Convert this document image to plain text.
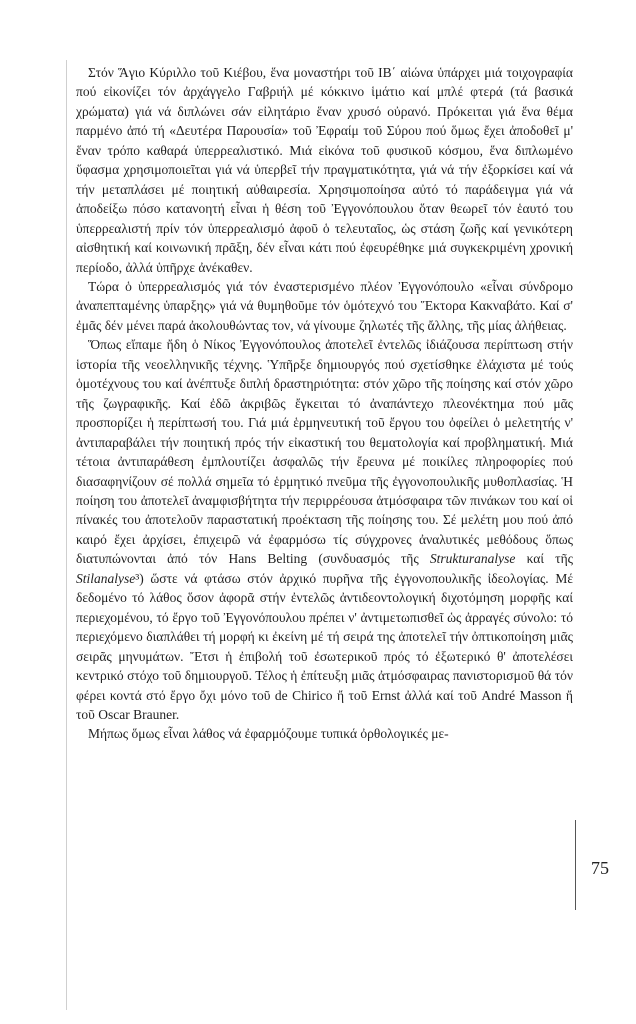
Στόν Ἅγιο Κύριλλο τοῦ Κιέβου, ἕνα μοναστήρι τοῦ ΙΒ΄ αἰώνα ὑπάρχει μιά τοιχογραφία πού εἰκονίζει τόν ἀρχάγγελο Γαβριήλ μέ κόκκινο ἱμάτιο καί μπλέ φτερά (τά βασικά χρώματα) γιά νά διπλώνει σάν εἰλητάριο ἕναν χρυσό οὐρανό. Πρόκειται γιά ἕνα θέμα παρμένο ἀπό τή «Δευτέρα Παρουσία» τοῦ Ἐφραίμ τοῦ Σύρου πού ὅμως ἔχει ἀποδοθεῖ μ' ἕναν τρόπο καθαρά ὑπερρεαλιστικό. Μιά εἰκόνα τοῦ φυσικοῦ κόσμου, ἕνα διπλωμένο ὕφασμα χρησιμοποιεῖται γιά νά ὑπερβεῖ τήν πραγματικότητα, γιά νά τήν ἐξορκίσει καί νά τήν μεταπλάσει μέ ποιητική αὐθαιρεσία. Χρησιμοποίησα αὐτό τό παράδειγμα γιά νά ἀποδείξω πόσο κατανοητή εἶναι ἡ θέση τοῦ Ἐγγονόπουλου ὅταν θεωρεῖ τόν ἑαυτό του ὑπερρεαλιστή πρίν τόν ὑπερρεαλισμό ἀφοῦ ὁ τελευταῖος, ὡς στάση ζωῆς καί γενικότερη αἰσθητική καί κοινωνική πρᾶξη, δέν εἶναι κάτι πού ἐφευρέθηκε μιά συγκεκριμένη χρονική περίοδο, ἀλλά ὑπῆρχε ἀνέκαθεν.

Τώρα ὁ ὑπερρεαλισμός γιά τόν ἐναστερισμένο πλέον Ἐγγονόπουλο «εἶναι σύνδρομο ἀναπεπταμένης ὑπαρξης» γιά νά θυμηθοῦμε τόν ὁμότεχνό του Ἕκτορα Κακναβάτο. Καί σ' ἐμᾶς δέν μένει παρά ἀκολουθώντας τον, νά γίνουμε ζηλωτές τῆς ἄλλης, τῆς μίας ἀλήθειας.

Ὅπως εἴπαμε ἤδη ὁ Νίκος Ἐγγονόπουλος ἀποτελεῖ ἐντελῶς ἰδιάζουσα περίπτωση στήν ἱστορία τῆς νεοελληνικῆς τέχνης. Ὑπῆρξε δημιουργός πού σχετίσθηκε ἐλάχιστα μέ τούς ὁμοτέχνους του καί ἀνέπτυξε διπλή δραστηριότητα: στόν χῶρο τῆς ποίησης καί στόν χῶρο τῆς ζωγραφικῆς. Καί ἐδῶ ἀκριβῶς ἔγκειται τό ἀναπάντεχο πλεονέκτημα πού μᾶς προσπορίζει ἡ περίπτωσή του. Γιά μιά ἑρμηνευτική τοῦ ἔργου του ὀφείλει ὁ μελετητής ν' ἀντιπαραβάλει τήν ποιητική πρός τήν εἰκαστική του θεματολογία καί προβληματική. Μιά τέτοια ἀντιπαράθεση ἐμπλουτίζει ἀσφαλῶς τήν ἔρευνα μέ ποικίλες πληροφορίες πού διασαφηνίζουν σέ πολλά σημεῖα τό ἑρμητικό πνεῦμα τῆς ἐγγονοπουλικῆς μυθοπλασίας. Ἡ ποίηση του ἀποτελεῖ ἀναμφισβήτητα τήν περιρρέουσα ἀτμόσφαιρα τῶν πινάκων του καί οἱ πίνακές του ἀποτελοῦν παραστατική προέκταση τῆς ποίησης του. Σέ μελέτη μου πού ἀπό καιρό ἔχει ἀρχίσει, ἐπιχειρῶ νά ἐφαρμόσω τίς σύγχρονες ἀναλυτικές μεθόδους ὅπως διατυπώνονται ἀπό τόν Hans Belting (συνδυασμός τῆς Strukturanalyse καί τῆς Stilanalyse³) ὥστε νά φτάσω στόν ἀρχικό πυρῆνα τῆς ἐγγονοπουλικῆς ἰδεολογίας. Μέ δεδομένο τό λάθος ὅσον ἀφορᾶ στήν ἐντελῶς ἀντιδεοντολογική διχοτόμηση μορφῆς καί περιεχομένου, τό ἔργο τοῦ Ἐγγονόπουλου πρέπει ν' ἀντιμετωπισθεῖ ὡς ἀρραγές σύνολο: τό περιεχόμενο διαπλάθει τή μορφή κι ἐκείνη μέ τή σειρά της ἀποτελεῖ τήν ὀπτικοποίηση μιᾶς σειρᾶς μηνυμάτων. Ἔτσι ἡ ἐπιβολή τοῦ ἐσωτερικοῦ πρός τό ἐξωτερικό θ' ἀποτελέσει κεντρικό στόχο τοῦ δημιουργοῦ. Τέλος ἡ ἐπίτευξη μιᾶς ἀτμόσφαιρας πανιστορισμοῦ θά τόν φέρει κοντά στό ἔργο ὄχι μόνο τοῦ de Chirico ἤ τοῦ Ernst ἀλλά καί τοῦ André Masson ἤ τοῦ Oscar Brauner.

Μήπως ὅμως εἶναι λάθος νά ἐφαρμόζουμε τυπικά ὀρθολογικές με-

75
